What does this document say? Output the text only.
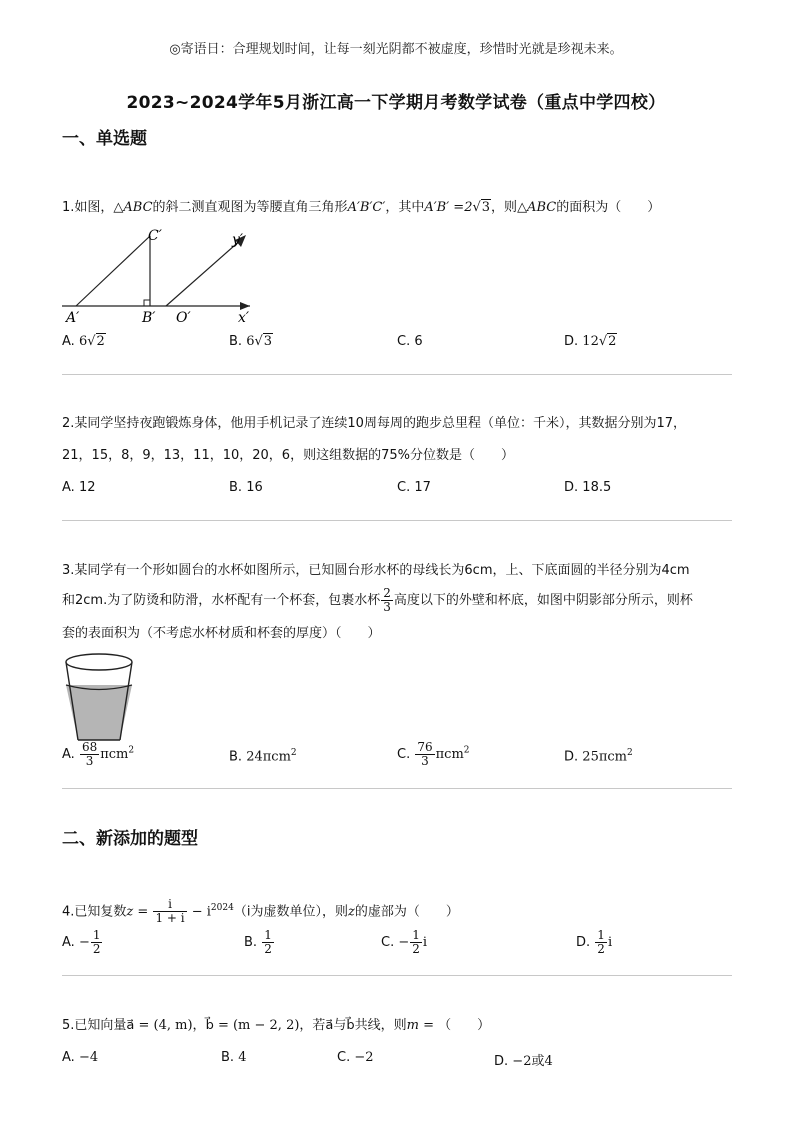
◎寄语日：合理规划时间，让每一刻光阴都不被虚度，珍惜时光就是珍视未来。
2023~2024学年5月浙江高一下学期月考数学试卷（重点中学四校）
一、单选题
1.如图，△ABC的斜二测直观图为等腰直角三角形A′B′C′，其中A′B′ =2√3，则△ABC的面积为（　　）
C′	y′
A′	B′ O′	x′
A. 6√2	B. 6√3	C. 6	D. 12√2
2.某同学坚持夜跑锻炼身体，他用手机记录了连续10周每周的跑步总里程（单位：千米），其数据分别为17，
21，15，8，9，13，11，10，20，6，则这组数据的75%分位数是（　　）
A. 12	B. 16	C. 17	D. 18.5
3.某同学有一个形如圆台的水杯如图所示，已知圆台形水杯的母线长为6cm，上、下底面圆的半径分别为4cm
和2cm.为了防烫和防滑，水杯配有一个杯套，包裹水杯 $\frac{2}{3}$ 高度以下的外壁和杯底，如图中阴影部分所示，则杯
套的表面积为（不考虑水杯材质和杯套的厚度）（　　）
A. $\frac{68}{3} \pi cm^2$	B. 24πcm$^2$	C. $\frac{76}{3} \pi cm^2$	D. 25πcm$^2$
二、新添加的题型
4.已知复数$z = \frac{i}{1 + i} - i^{2024}(i$为虚数单位），则z的虚部为（　　）
A. − $\frac{1}{2}$	B. $\frac{1}{2}$	C. − $\frac{1}{2}$ i	D. $\frac{1}{2}$ i
5.已知向量a⃗ = (4, m)，b⃗ = (m − 2, 2)，若a⃗与b⃗共线，则m = （　　）
A. −4	B. 4	C. −2	D. −2或4
